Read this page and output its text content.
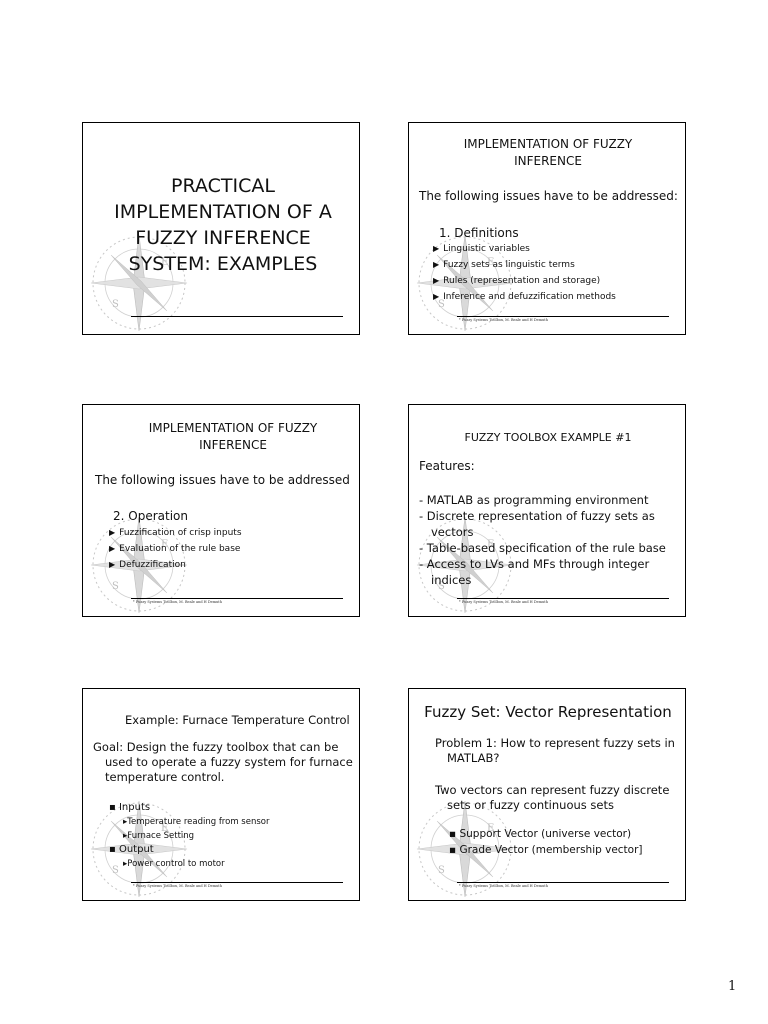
PRACTICAL
IMPLEMENTATION OF A
FUZZY INFERENCE
SYSTEM: EXAMPLES
IMPLEMENTATION OF FUZZY
INFERENCE
The following issues have to be addressed:
1. Definitions
▶ Linguistic variables
▶ Fuzzy sets as linguistic terms
▶ Rules (representation and storage)
▶ Inference and defuzzification methods
* Fuzzy Systems Toolbox, M. Beale and H Demuth
IMPLEMENTATION OF FUZZY
INFERENCE
The following issues have to be addressed
2. Operation
▶ Fuzzification of crisp inputs
▶ Evaluation of the rule base
▶ Defuzzification
* Fuzzy Systems Toolbox, M. Beale and H Demuth
FUZZY TOOLBOX EXAMPLE #1
Features:
- MATLAB as programming environment
- Discrete representation of fuzzy sets as
vectors
- Table-based specification of the rule base
- Access to LVs and MFs through integer
indices
* Fuzzy Systems Toolbox, M. Beale and H Demuth
Example: Furnace Temperature Control
Goal: Design the fuzzy toolbox that can be
used to operate a fuzzy system for furnace
temperature control.
▪ Inputs
▸Temperature reading from sensor
▸Furnace Setting
▪ Output
▸Power control to motor
* Fuzzy Systems Toolbox, M. Beale and H Demuth
Fuzzy Set: Vector Representation
Problem 1: How to represent fuzzy sets in
MATLAB?
Two vectors can represent fuzzy discrete
sets or fuzzy continuous sets
▪ Support Vector (universe vector)
▪ Grade Vector (membership vector]
* Fuzzy Systems Toolbox, M. Beale and H Demuth
1
